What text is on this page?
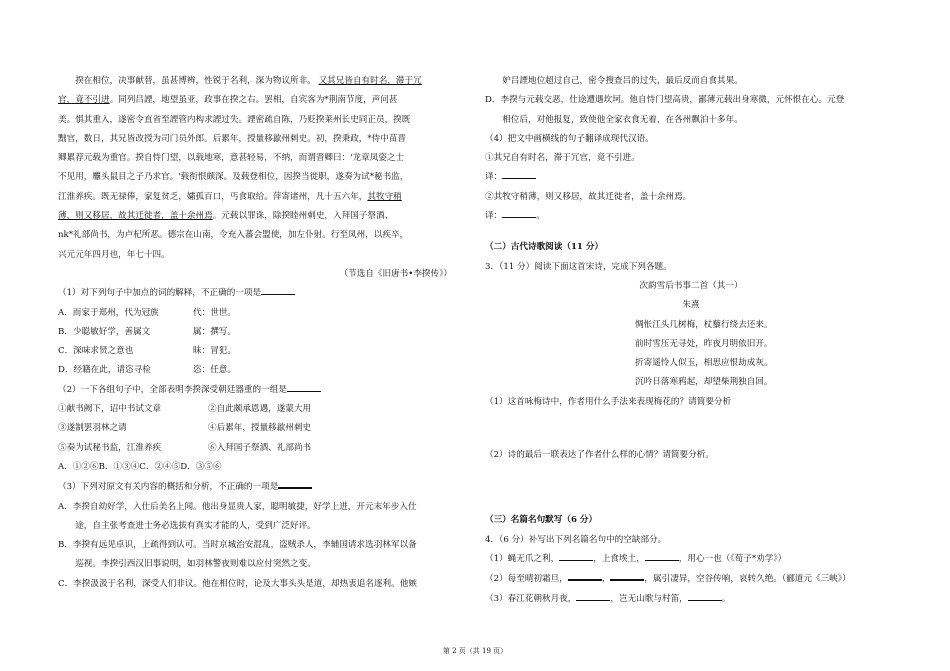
揆在相位，决事献替，虽甚博辨，性锐于名利，深为物议所非。 又其兄皆自有时名，滞于冗

官，竟不引进。同列吕諲，地望虽亚，政事在揆之右。罢相，自宾客为*荆南节度，声问甚

美。惧其重入，遂密令直省至諲管内构求諲过失。諲密疏自陈，乃贬揆莱州长史同正员，揆既

黜官，数日，其兄皆改授为司门员外郎。后累年，授量移歙州刺史。初，揆秉政，*侍中苗晋

卿累荐元载为重官。揆自恃门望，以载地寒，意甚轻易，不纳，而谓晋卿曰：'龙章凤姿之士

不见用，麞头鼠目之子乃求官。'载衔恨颇深。及载登相位，因揆当徙职，遂奏为试*秘书监，

江淮养疾。既无禄俸，家复贫乏，孀孤百口，丐食取给。萍寄诸州，凡十五六年，其牧守稍

薄，则又移居，故其迁徙者，盖十余州焉。元载以罪诛，除揆睦州刺史，入拜国子祭酒、

nk*礼部尚书，为卢杞所恶。德宗在山南，令充入蕃会盟使，加左仆射。行至凤州，以疾卒，

兴元元年四月也，年七十四。

（节选自《旧唐书•李揆传》）

（1）对下列句子中加点的词的解释，不正确的一项是

A．而家于郑州，代为冠族	代：世世。
B．少聪敏好学，善属文	属：撰写。
C．深味求贤之意也	昧：冒犯。
D．经籍在此，请恣寻检	恣：任意。

（2）一下各组句子中，全部表明李揆深受朝廷器重的一组是

①献书阙下，诏中书试文章	②自此颇承恩遇，遂蒙大用
③遂制罢羽林之请	④后累年，授量移歙州刺史
⑤奏为试秘书监，江淮养疾	⑥入拜国子祭酒、礼部尚书

A．①②⑥B．①③④C．②④⑤D．③⑤⑥

（3）下列对原文有关内容的概括和分析，不正确的一项是

A．李揆自幼好学，入仕后美名上闻。他出身显贵人家，聪明敏捷，好学上进，开元末年步入仕

途，自主张考查进士务必选拔有真实才能的人，受到广泛好评。

B．李揆有远见卓识，上疏得到认可。当时京城治安混乱，盗贼杀人，李辅国请求选羽林军以备

巡视。李揆引西汉旧事说明，如羽林警夜则难以应付突然之变。

C．李揆汲汲于名利，深受人们非议。他在相位时，论及大事头头是道，却热衷追名逐利。他嫉

妒吕諲地位超过自己，密令搜查吕的过失，最后反而自食其果。

D．李揆与元载交恶，仕途遭遇坎坷。他自恃门望高贵，鄙薄元载出身寒微，元怀恨在心。元登

相位后，对他报复，致使他全家衣食无着，在各州飘泊十多年。

（4）把文中画横线的句子翻译成现代汉语。

①其兄自有时名，滞于冗官，竟不引进。

译：

②其牧守稍薄，则又移居，故其迁徙者，盖十余州焉。

译：	。

（二）古代诗歌阅读（11 分）

3．（11 分）阅读下面这首宋诗，完成下列各题。

次韵雪后书事二首（其一）

朱熹

惆怅江头几树梅，杖藜行绕去还来。

前时雪压无寻处，昨夜月明依旧开。

折寄遥怜人似玉，相思应恨劫成灰。

沉吟日落寒鸦起，却望柴荆独自回。

（1）这首咏梅诗中，作者用什么手法来表现梅花的？请简要分析

（2）诗的最后一联表达了作者什么样的心情？请简要分析。

（三）名篇名句默写（6 分）

4．（6 分）补写出下列名篇名句中的空缺部分。

（1）蝇无爪之利，	，上食埃土，	，用心一也（《荀子*劝学》）

（2）每至晴初霜旦，	，	，属引凄异，空谷传响，哀转久绝。（郦道元《三峡》）

（3）春江花朝秋月夜，	，岂无山歌与村笛，	。

第 2 页（共 19 页）
